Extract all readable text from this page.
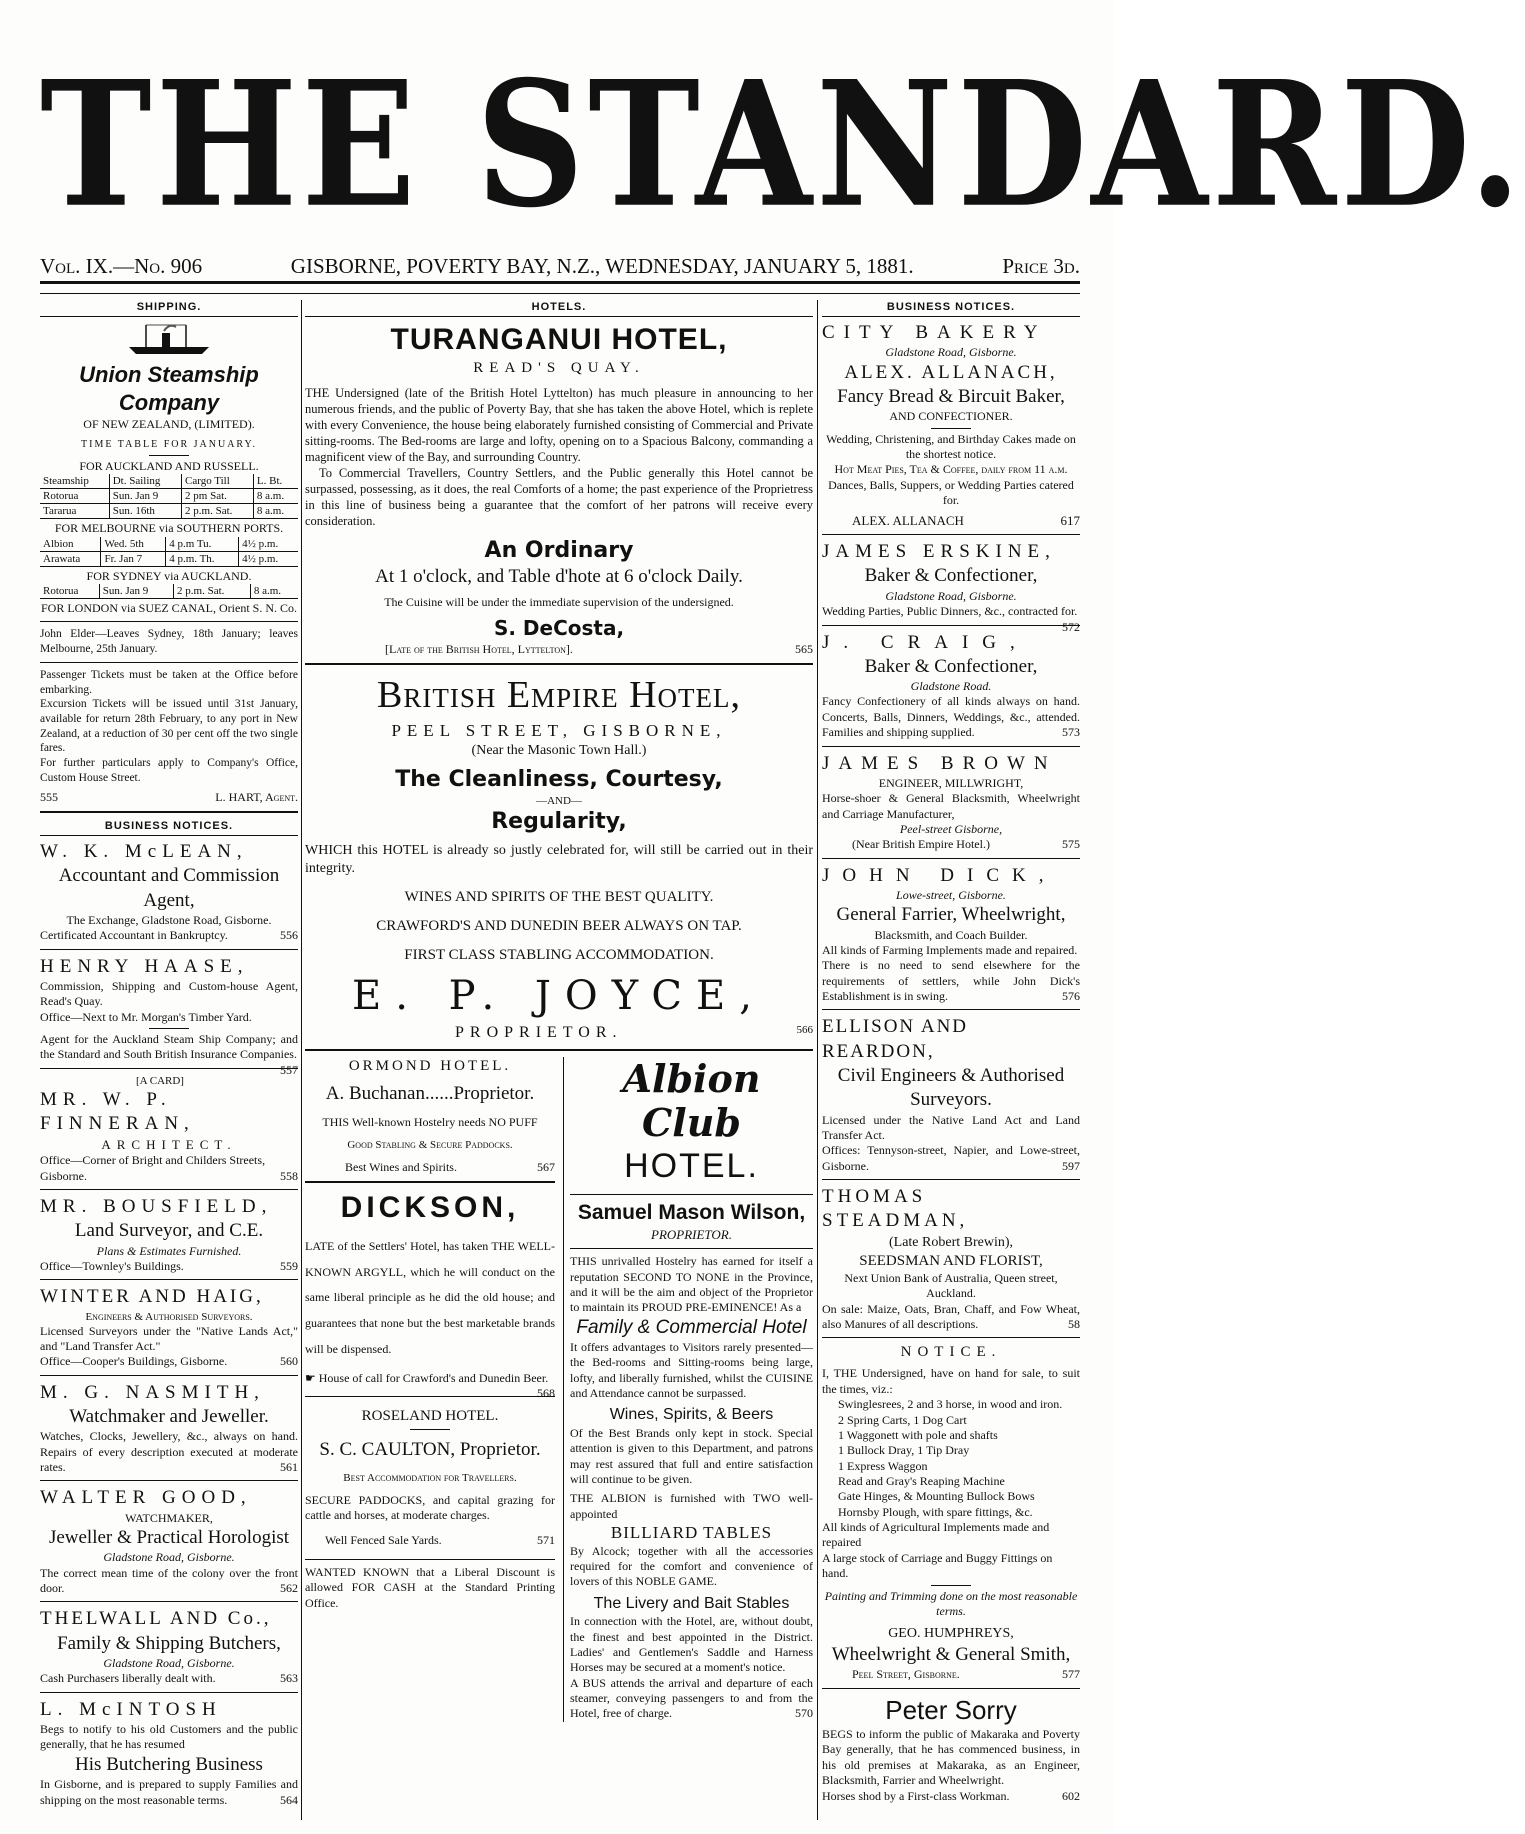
THE STANDARD.
Vol. IX.—No. 906	GISBORNE, POVERTY BAY, N.Z., WEDNESDAY, JANUARY 5, 1881.	Price 3d.
SHIPPING.
Union Steamship Company
OF NEW ZEALAND, (LIMITED).
TIME TABLE FOR JANUARY.
FOR AUCKLAND AND RUSSELL.
Steamship	Dt. Sailing	Cargo Till	L. Bt.
Rotorua	Sun. Jan 9	2 pm Sat.	8 a.m.
Tararua	Sun. 16th	2 p.m. Sat.	8 a.m.
FOR MELBOURNE via SOUTHERN PORTS.
Albion	Wed. 5th	4 p.m Tu.	4½ p.m.
Arawata	Fr. Jan 7	4 p.m. Th.	4½ p.m.
FOR SYDNEY via AUCKLAND.
Rotorua	Sun. Jan 9	2 p.m. Sat.	8 a.m.
FOR LONDON via SUEZ CANAL, Orient S. N. Co.
John Elder—Leaves Sydney, 18th January; leaves Melbourne, 25th January.
Passenger Tickets must be taken at the Office before embarking.
Excursion Tickets will be issued until 31st January, available for return 28th February, to any port in New Zealand, at a reduction of 30 per cent off the two single fares.
For further particulars apply to Company's Office, Custom House Street.
555	L. HART, Agent.
BUSINESS NOTICES.
W. K. McLEAN,
Accountant and Commission Agent,
The Exchange, Gladstone Road, Gisborne.
Certificated Accountant in Bankruptcy.	556
HENRY HAASE,
Commission, Shipping and Custom-house Agent, Read's Quay.
Office—Next to Mr. Morgan's Timber Yard.
Agent for the Auckland Steam Ship Company; and the Standard and South British Insurance Companies.
557
[A CARD]
MR. W. P. FINNERAN,
ARCHITECT.
Office—Corner of Bright and Childers Streets, Gisborne.	558
MR. BOUSFIELD,
Land Surveyor, and C.E.
Plans & Estimates Furnished.
Office—Townley's Buildings.	559
WINTER AND HAIG,
Engineers & Authorised Surveyors.
Licensed Surveyors under the "Native Lands Act," and "Land Transfer Act."
Office—Cooper's Buildings, Gisborne.	560
M. G. NASMITH,
Watchmaker and Jeweller.
Watches, Clocks, Jewellery, &c., always on hand. Repairs of every description executed at moderate rates.	561
WALTER GOOD,
WATCHMAKER,
Jeweller & Practical Horologist
Gladstone Road, Gisborne.
The correct mean time of the colony over the front door.	562
THELWALL AND Co.,
Family & Shipping Butchers,
Gladstone Road, Gisborne.
Cash Purchasers liberally dealt with.	563
L. McINTOSH
Begs to notify to his old Customers and the public generally, that he has resumed
His Butchering Business
In Gisborne, and is prepared to supply Families and shipping on the most reasonable terms.	564
HOTELS.
TURANGANUI HOTEL,
READ'S QUAY.
THE Undersigned (late of the British Hotel Lyttelton) has much pleasure in announcing to her numerous friends, and the public of Poverty Bay, that she has taken the above Hotel, which is replete with every Convenience, the house being elaborately furnished consisting of Commercial and Private sitting-rooms. The Bed-rooms are large and lofty, opening on to a Spacious Balcony, commanding a magnificent view of the Bay, and surrounding Country.
To Commercial Travellers, Country Settlers, and the Public generally this Hotel cannot be surpassed, possessing, as it does, the real Comforts of a home; the past experience of the Proprietress in this line of business being a guarantee that the comfort of her patrons will receive every consideration.
An Ordinary
At 1 o'clock, and Table d'hote at 6 o'clock Daily.
The Cuisine will be under the immediate supervision of the undersigned.
S. DeCosta,
[Late of the British Hotel, Lyttelton].	565
British Empire Hotel,
PEEL STREET, GISBORNE,
(Near the Masonic Town Hall.)
The Cleanliness, Courtesy,
—AND—
Regularity,
WHICH this HOTEL is already so justly celebrated for, will still be carried out in their integrity.
WINES AND SPIRITS OF THE BEST QUALITY.
CRAWFORD'S AND DUNEDIN BEER ALWAYS ON TAP.
FIRST CLASS STABLING ACCOMMODATION.
E. P. JOYCE,
PROPRIETOR.	566
ORMOND HOTEL.
A. Buchanan......Proprietor.
THIS Well-known Hostelry needs NO PUFF
Good Stabling & Secure Paddocks.
Best Wines and Spirits.	567
DICKSON,
LATE of the Settlers' Hotel, has taken THE WELL-KNOWN ARGYLL, which he will conduct on the same liberal principle as he did the old house; and guarantees that none but the best marketable brands will be dispensed.
☛ House of call for Crawford's and Dunedin Beer.
568
ROSELAND HOTEL.
S. C. CAULTON, Proprietor.
Best Accommodation for Travellers.
SECURE PADDOCKS, and capital grazing for cattle and horses, at moderate charges.
Well Fenced Sale Yards.	571
WANTED KNOWN that a Liberal Discount is allowed FOR CASH at the Standard Printing Office.
Albion Club
HOTEL.
Samuel Mason Wilson,
PROPRIETOR.
THIS unrivalled Hostelry has earned for itself a reputation SECOND TO NONE in the Province, and it will be the aim and object of the Proprietor to maintain its PROUD PRE-EMINENCE! As a
Family & Commercial Hotel
It offers advantages to Visitors rarely presented—the Bed-rooms and Sitting-rooms being large, lofty, and liberally furnished, whilst the CUISINE and Attendance cannot be surpassed.
Wines, Spirits, & Beers
Of the Best Brands only kept in stock. Special attention is given to this Department, and patrons may rest assured that full and entire satisfaction will continue to be given.
THE ALBION is furnished with TWO well-appointed
BILLIARD TABLES
By Alcock; together with all the accessories required for the comfort and convenience of lovers of this NOBLE GAME.
The Livery and Bait Stables
In connection with the Hotel, are, without doubt, the finest and best appointed in the District. Ladies' and Gentlemen's Saddle and Harness Horses may be secured at a moment's notice.
A BUS attends the arrival and departure of each steamer, conveying passengers to and from the Hotel, free of charge.	570
BUSINESS NOTICES.
CITY BAKERY
Gladstone Road, Gisborne.
ALEX. ALLANACH,
Fancy Bread & Bircuit Baker,
AND CONFECTIONER.
Wedding, Christening, and Birthday Cakes made on the shortest notice.
Hot Meat Pies, Tea & Coffee, daily from 11 a.m.
Dances, Balls, Suppers, or Wedding Parties catered for.
ALEX. ALLANACH	617
JAMES ERSKINE,
Baker & Confectioner,
Gladstone Road, Gisborne.
Wedding Parties, Public Dinners, &c., contracted for.
572
J. CRAIG,
Baker & Confectioner,
Gladstone Road.
Fancy Confectionery of all kinds always on hand. Concerts, Balls, Dinners, Weddings, &c., attended. Families and shipping supplied.	573
JAMES BROWN
ENGINEER, MILLWRIGHT,
Horse-shoer & General Blacksmith, Wheelwright and Carriage Manufacturer,
Peel-street Gisborne,
(Near British Empire Hotel.)	575
JOHN DICK,
Lowe-street, Gisborne.
General Farrier, Wheelwright,
Blacksmith, and Coach Builder.
All kinds of Farming Implements made and repaired.
There is no need to send elsewhere for the requirements of settlers, while John Dick's Establishment is in swing.	576
ELLISON AND REARDON,
Civil Engineers & Authorised Surveyors.
Licensed under the Native Land Act and Land Transfer Act.
Offices: Tennyson-street, Napier, and Lowe-street, Gisborne.	597
THOMAS STEADMAN,
(Late Robert Brewin),
SEEDSMAN AND FLORIST,
Next Union Bank of Australia, Queen street, Auckland.
On sale: Maize, Oats, Bran, Chaff, and Fow Wheat, also Manures of all descriptions.	58
NOTICE.
I, THE Undersigned, have on hand for sale, to suit the times, viz.:
Swinglesrees, 2 and 3 horse, in wood and iron.
2 Spring Carts, 1 Dog Cart
1 Waggonett with pole and shafts
1 Bullock Dray, 1 Tip Dray
1 Express Waggon
Read and Gray's Reaping Machine
Gate Hinges, & Mounting Bullock Bows
Hornsby Plough, with spare fittings, &c.
All kinds of Agricultural Implements made and repaired
A large stock of Carriage and Buggy Fittings on hand.
Painting and Trimming done on the most reasonable terms.
GEO. HUMPHREYS,
Wheelwright & General Smith,
Peel Street, Gisborne.	577
Peter Sorry
BEGS to inform the public of Makaraka and Poverty Bay generally, that he has commenced business, in his old premises at Makaraka, as an Engineer, Blacksmith, Farrier and Wheelwright.
Horses shod by a First-class Workman.	602
